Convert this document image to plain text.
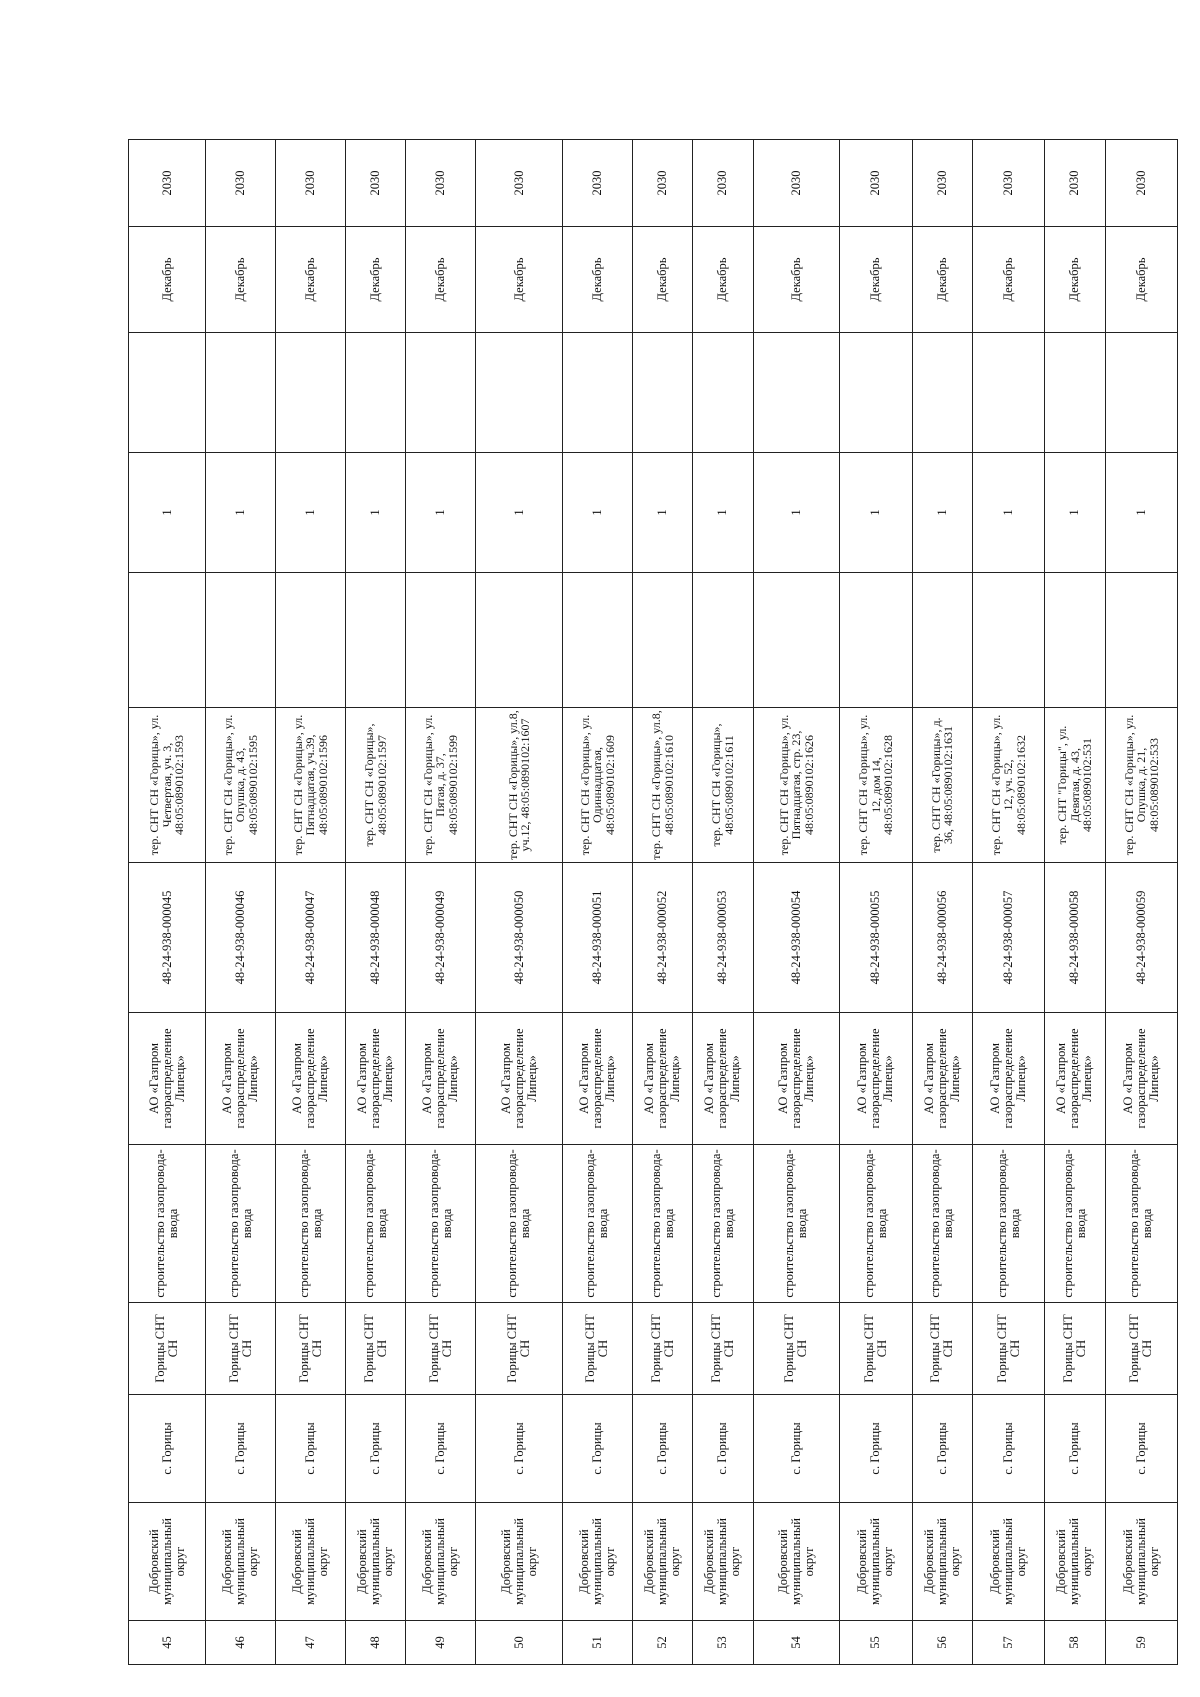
45	Добровский муниципальный округ	с. Горицы	Горицы СНТ СН	строительство газопровода-ввода	АО «Газпром газораспределение Липецк»	48-24-938-000045	тер. СНТ СН «Горицы», ул. Четвертая, уч. 3, 48:05:0890102:1593		1		Декабрь	2030
46	Добровский муниципальный округ	с. Горицы	Горицы СНТ СН	строительство газопровода-ввода	АО «Газпром газораспределение Липецк»	48-24-938-000046	тер. СНТ СН «Горицы», ул. Опушка, д. 43, 48:05:0890102:1595		1		Декабрь	2030
47	Добровский муниципальный округ	с. Горицы	Горицы СНТ СН	строительство газопровода-ввода	АО «Газпром газораспределение Липецк»	48-24-938-000047	тер. СНТ СН «Горицы», ул. Пятнадцатая, уч.39, 48:05:0890102:1596		1		Декабрь	2030
48	Добровский муниципальный округ	с. Горицы	Горицы СНТ СН	строительство газопровода-ввода	АО «Газпром газораспределение Липецк»	48-24-938-000048	тер. СНТ СН «Горицы», 48:05:0890102:1597		1		Декабрь	2030
49	Добровский муниципальный округ	с. Горицы	Горицы СНТ СН	строительство газопровода-ввода	АО «Газпром газораспределение Липецк»	48-24-938-000049	тер. СНТ СН «Горицы», ул. Пятая, д. 37, 48:05:0890102:1599		1		Декабрь	2030
50	Добровский муниципальный округ	с. Горицы	Горицы СНТ СН	строительство газопровода-ввода	АО «Газпром газораспределение Липецк»	48-24-938-000050	тер. СНТ СН «Горицы», ул.8, уч.12, 48:05:0890102:1607		1		Декабрь	2030
51	Добровский муниципальный округ	с. Горицы	Горицы СНТ СН	строительство газопровода-ввода	АО «Газпром газораспределение Липецк»	48-24-938-000051	тер. СНТ СН «Горицы», ул. Одиннадцатая, 48:05:0890102:1609		1		Декабрь	2030
52	Добровский муниципальный округ	с. Горицы	Горицы СНТ СН	строительство газопровода-ввода	АО «Газпром газораспределение Липецк»	48-24-938-000052	тер. СНТ СН «Горицы», ул.8, 48:05:0890102:1610		1		Декабрь	2030
53	Добровский муниципальный округ	с. Горицы	Горицы СНТ СН	строительство газопровода-ввода	АО «Газпром газораспределение Липецк»	48-24-938-000053	тер. СНТ СН «Горицы», 48:05:0890102:1611		1		Декабрь	2030
54	Добровский муниципальный округ	с. Горицы	Горицы СНТ СН	строительство газопровода-ввода	АО «Газпром газораспределение Липецк»	48-24-938-000054	тер. СНТ СН «Горицы», ул. Пятнадцатая, стр. 23, 48:05:0890102:1626		1		Декабрь	2030
55	Добровский муниципальный округ	с. Горицы	Горицы СНТ СН	строительство газопровода-ввода	АО «Газпром газораспределение Липецк»	48-24-938-000055	тер. СНТ СН «Горицы», ул. 12, дом 14, 48:05:0890102:1628		1		Декабрь	2030
56	Добровский муниципальный округ	с. Горицы	Горицы СНТ СН	строительство газопровода-ввода	АО «Газпром газораспределение Липецк»	48-24-938-000056	тер. СНТ СН «Горицы», д. 36, 48:05:0890102:1631		1		Декабрь	2030
57	Добровский муниципальный округ	с. Горицы	Горицы СНТ СН	строительство газопровода-ввода	АО «Газпром газораспределение Липецк»	48-24-938-000057	тер. СНТ СН «Горицы», ул. 12, уч. 52, 48:05:0890102:1632		1		Декабрь	2030
58	Добровский муниципальный округ	с. Горицы	Горицы СНТ СН	строительство газопровода-ввода	АО «Газпром газораспределение Липецк»	48-24-938-000058	тер. СНТ "Горицы", ул. Девятая, д. 43, 48:05:0890102:531		1		Декабрь	2030
59	Добровский муниципальный округ	с. Горицы	Горицы СНТ СН	строительство газопровода-ввода	АО «Газпром газораспределение Липецк»	48-24-938-000059	тер. СНТ СН «Горицы», ул. Опушка, д. 21, 48:05:0890102:533		1		Декабрь	2030
